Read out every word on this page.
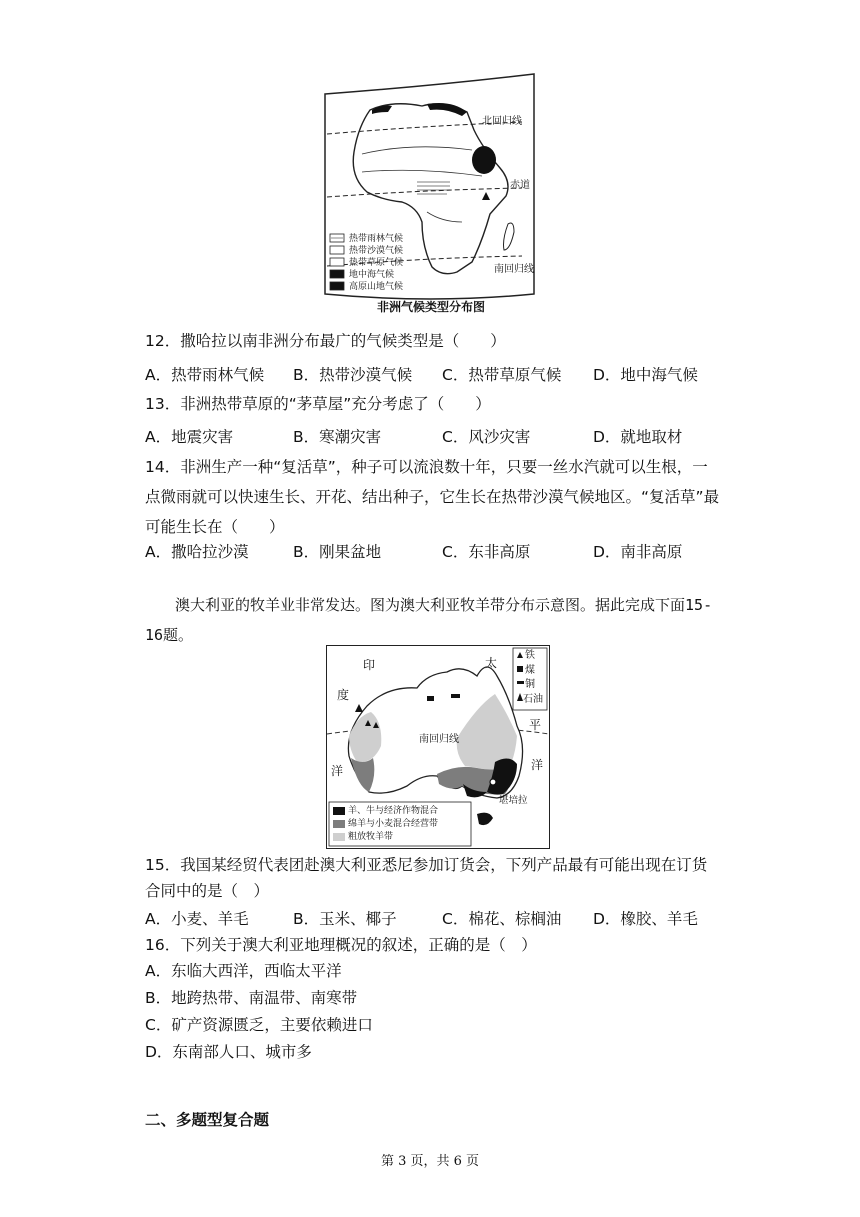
北回归线
赤道
南回归线
热带雨林气候
热带沙漠气候
热带草原气候
地中海气候
高原山地气候
非洲气候类型分布图
12．撒哈拉以南非洲分布最广的气候类型是（　　）
A．热带雨林气候 B．热带沙漠气候 C．热带草原气候 D．地中海气候
13．非洲热带草原的“茅草屋”充分考虑了（　　）
A．地震灾害	B．寒潮灾害	C．风沙灾害	D．就地取材
14．非洲生产一种“复活草”，种子可以流浪数十年，只要一丝水汽就可以生根，一点微雨就可以快速生长、开花、结出种子，它生长在热带沙漠气候地区。“复活草”最可能生长在（　　）
A．撒哈拉沙漠	B．刚果盆地	C．东非高原	D．南非高原
澳大利亚的牧羊业非常发达。图为澳大利亚牧羊带分布示意图。据此完成下面15-16题。
印
度
洋
太
平
洋
南回归线
堪培拉
铁
煤
铜
石油
羊、牛与经济作物混合
绵羊与小麦混合经营带
粗放牧羊带
15．我国某经贸代表团赴澳大利亚悉尼参加订货会，下列产品最有可能出现在订货合同中的是（　）
A．小麦、羊毛	B．玉米、椰子	C．棉花、棕榈油 D．橡胶、羊毛
16．下列关于澳大利亚地理概况的叙述，正确的是（　）
A．东临大西洋，西临太平洋
B．地跨热带、南温带、南寒带
C．矿产资源匮乏，主要依赖进口
D．东南部人口、城市多
二、多题型复合题
第 3 页，共 6 页
